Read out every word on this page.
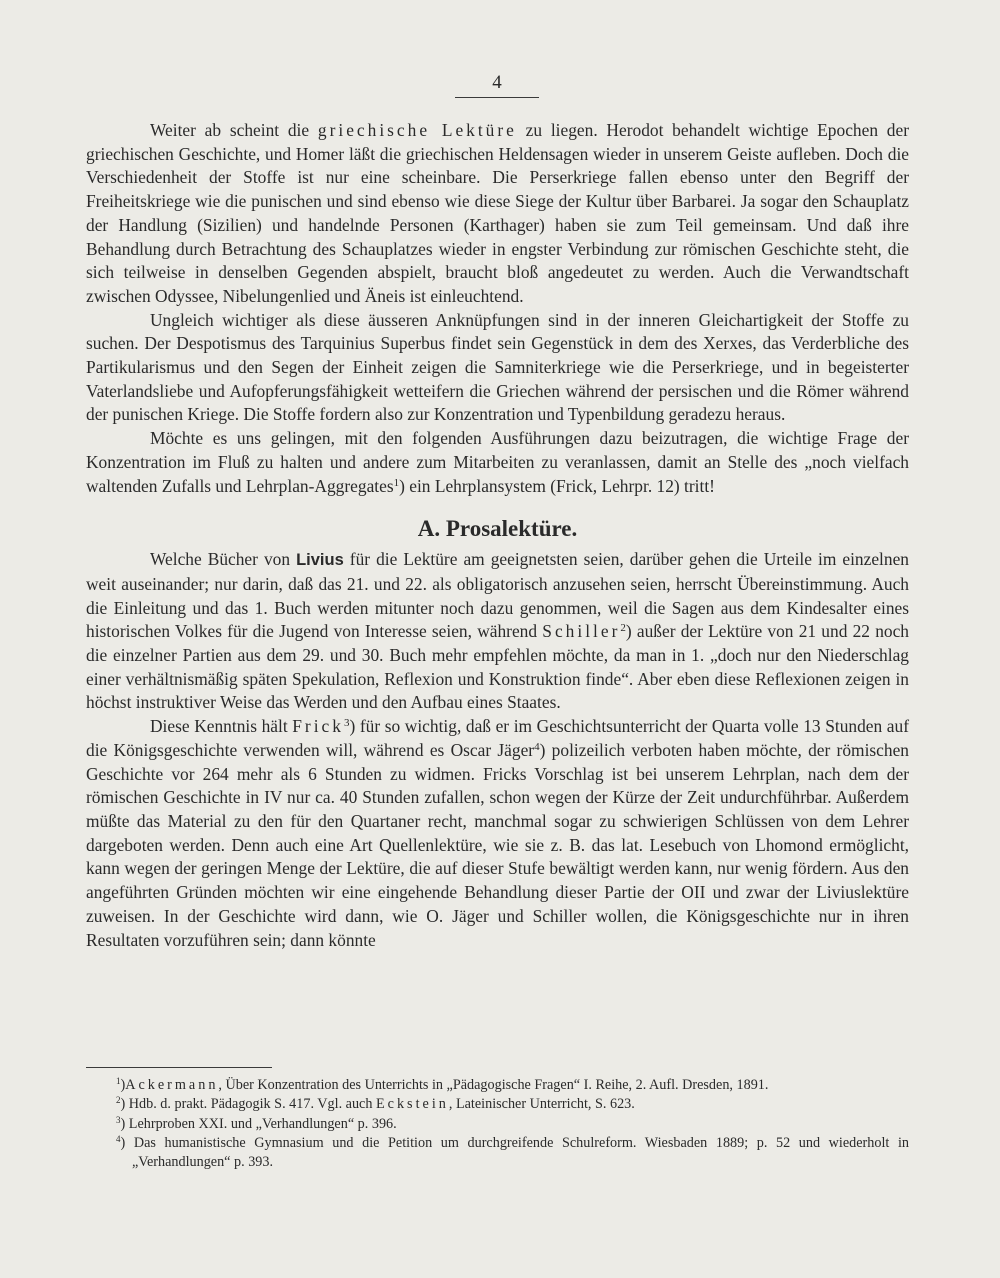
4

Weiter ab scheint die griechische Lektüre zu liegen. Herodot behandelt wichtige Epochen der griechischen Geschichte, und Homer läßt die griechischen Heldensagen wieder in unserem Geiste aufleben. Doch die Verschiedenheit der Stoffe ist nur eine scheinbare. Die Perserkriege fallen ebenso unter den Begriff der Freiheitskriege wie die punischen und sind ebenso wie diese Siege der Kultur über Barbarei. Ja sogar den Schauplatz der Handlung (Sizilien) und handelnde Personen (Karthager) haben sie zum Teil gemeinsam. Und daß ihre Behandlung durch Betrachtung des Schauplatzes wieder in engster Verbindung zur römischen Geschichte steht, die sich teilweise in denselben Gegenden abspielt, braucht bloß angedeutet zu werden. Auch die Verwandtschaft zwischen Odyssee, Nibelungenlied und Äneis ist einleuchtend.

Ungleich wichtiger als diese äusseren Anknüpfungen sind in der inneren Gleichartigkeit der Stoffe zu suchen. Der Despotismus des Tarquinius Superbus findet sein Gegenstück in dem des Xerxes, das Verderbliche des Partikularismus und den Segen der Einheit zeigen die Samniterkriege wie die Perserkriege, und in begeisterter Vaterlandsliebe und Aufopferungsfähigkeit wetteifern die Griechen während der persischen und die Römer während der punischen Kriege. Die Stoffe fordern also zur Konzentration und Typenbildung geradezu heraus.

Möchte es uns gelingen, mit den folgenden Ausführungen dazu beizutragen, die wichtige Frage der Konzentration im Fluß zu halten und andere zum Mitarbeiten zu veranlassen, damit an Stelle des „noch vielfach waltenden Zufalls und Lehrplan-Aggregates$^1$) ein Lehrplansystem (Frick, Lehrpr. 12) tritt!

A. Prosalektüre.

Welche Bücher von Livius für die Lektüre am geeignetsten seien, darüber gehen die Urteile im einzelnen weit auseinander; nur darin, daß das 21. und 22. als obligatorisch anzusehen seien, herrscht Übereinstimmung. Auch die Einleitung und das 1. Buch werden mitunter noch dazu genommen, weil die Sagen aus dem Kindesalter eines historischen Volkes für die Jugend von Interesse seien, während Schiller$^2$) außer der Lektüre von 21 und 22 noch die einzelner Partien aus dem 29. und 30. Buch mehr empfehlen möchte, da man in 1. „doch nur den Niederschlag einer verhältnismäßig späten Spekulation, Reflexion und Konstruktion finde“. Aber eben diese Reflexionen zeigen in höchst instruktiver Weise das Werden und den Aufbau eines Staates.

Diese Kenntnis hält Frick$^3$) für so wichtig, daß er im Geschichtsunterricht der Quarta volle 13 Stunden auf die Königsgeschichte verwenden will, während es Oscar Jäger$^4$) polizeilich verboten haben möchte, der römischen Geschichte vor 264 mehr als 6 Stunden zu widmen. Fricks Vorschlag ist bei unserem Lehrplan, nach dem der römischen Geschichte in IV nur ca. 40 Stunden zufallen, schon wegen der Kürze der Zeit undurchführbar. Außerdem müßte das Material zu den für den Quartaner recht, manchmal sogar zu schwierigen Schlüssen von dem Lehrer dargeboten werden. Denn auch eine Art Quellenlektüre, wie sie z. B. das lat. Lesebuch von Lhomond ermöglicht, kann wegen der geringen Menge der Lektüre, die auf dieser Stufe bewältigt werden kann, nur wenig fördern. Aus den angeführten Gründen möchten wir eine eingehende Behandlung dieser Partie der OII und zwar der Liviuslektüre zuweisen. In der Geschichte wird dann, wie O. Jäger und Schiller wollen, die Königsgeschichte nur in ihren Resultaten vorzuführen sein; dann könnte

$^1$)Ackermann, Über Konzentration des Unterrichts in „Pädagogische Fragen“ I. Reihe, 2. Aufl. Dresden, 1891.

$^2$) Hdb. d. prakt. Pädagogik S. 417. Vgl. auch Eckstein, Lateinischer Unterricht, S. 623.

$^3$) Lehrproben XXI. und „Verhandlungen“ p. 396.

$^4$) Das humanistische Gymnasium und die Petition um durchgreifende Schulreform. Wiesbaden 1889; p. 52 und wiederholt in „Verhandlungen“ p. 393.
